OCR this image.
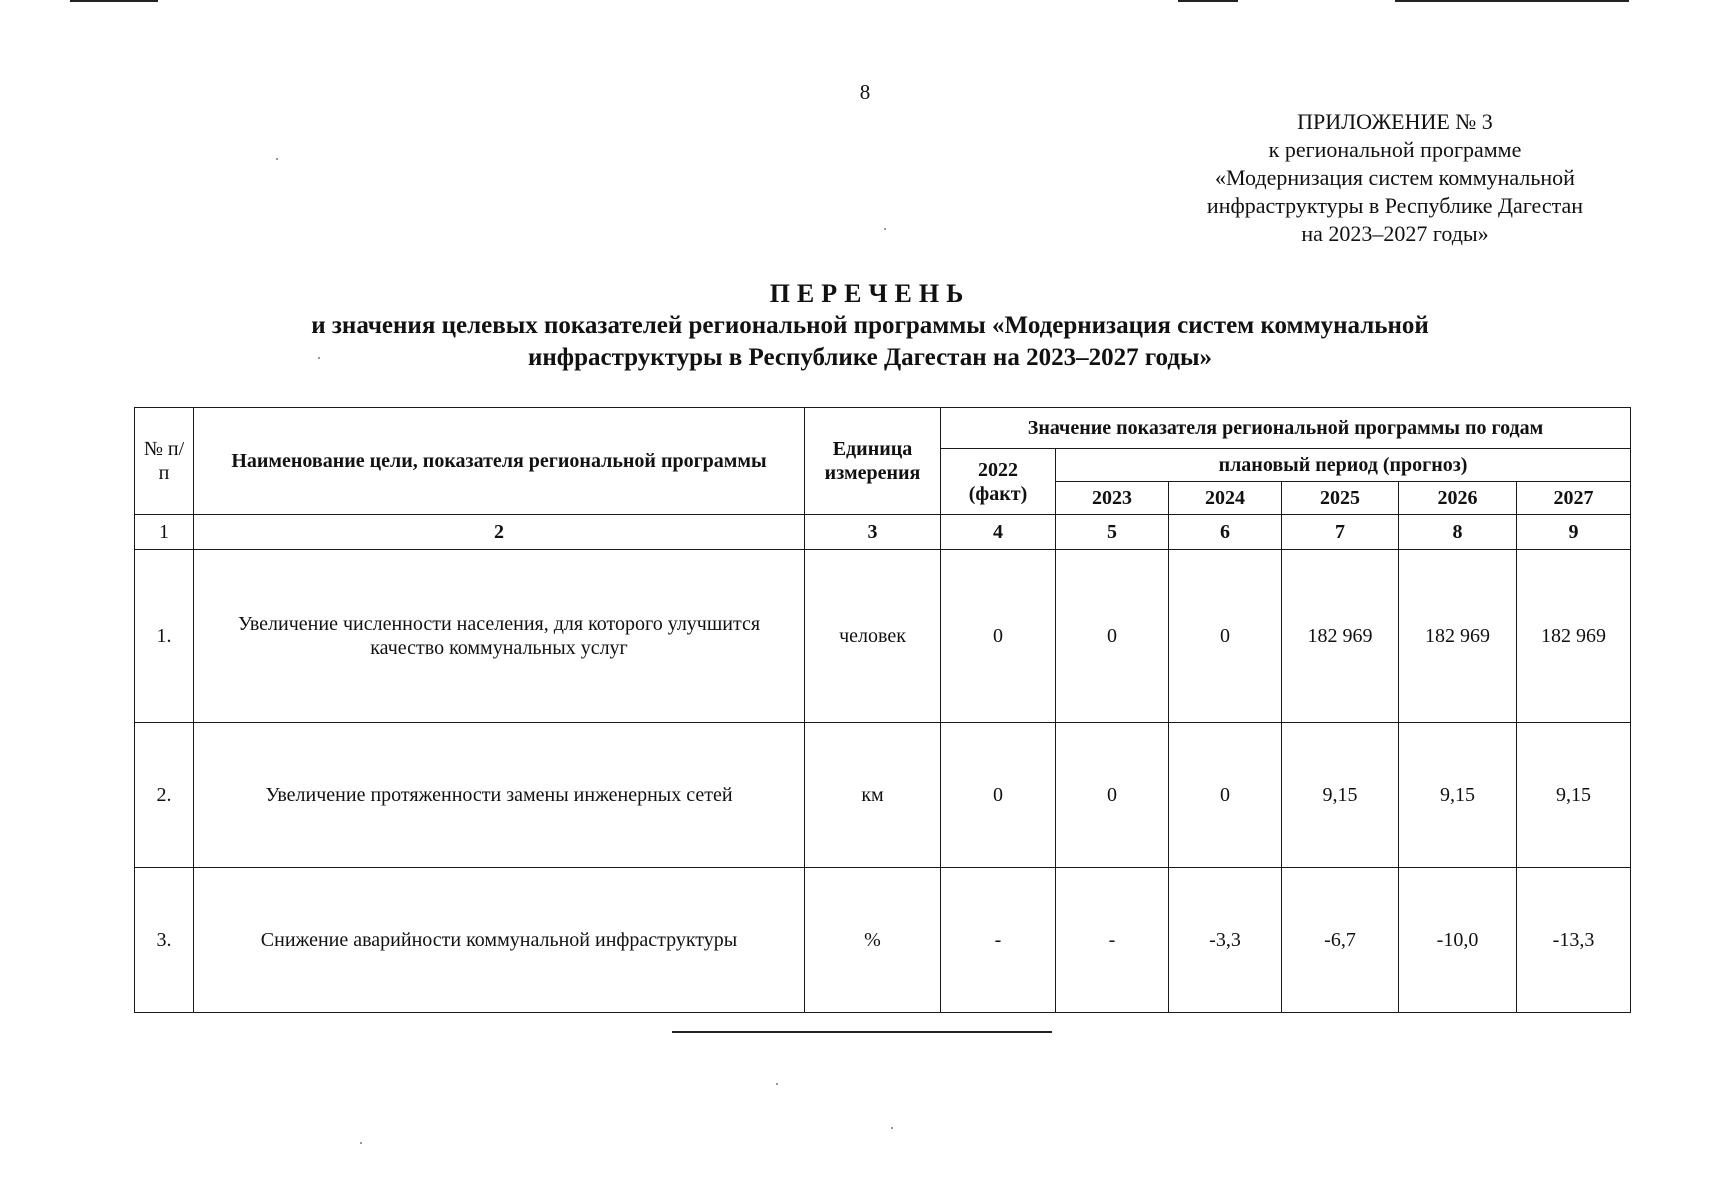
8
ПРИЛОЖЕНИЕ № 3
к региональной программе
«Модернизация систем коммунальной
инфраструктуры в Республике Дагестан
на 2023–2027 годы»
ПЕРЕЧЕНЬ
и значения целевых показателей региональной программы «Модернизация систем коммунальной
инфраструктуры в Республике Дагестан на 2023–2027 годы»
№ п/п	Наименование цели, показателя региональной программы	Единица измерения	Значение показателя региональной программы по годам					
			2022 (факт)	плановый период (прогноз)				
				2023	2024	2025	2026	2027
1	2	3	4	5	6	7	8	9
1.	Увеличение численности населения, для которого улучшится качество коммунальных услуг	человек	0	0	0	182 969	182 969	182 969
2.	Увеличение протяженности замены инженерных сетей	км	0	0	0	9,15	9,15	9,15
3.	Снижение аварийности коммунальной инфраструктуры	%	-	-	-3,3	-6,7	-10,0	-13,3
